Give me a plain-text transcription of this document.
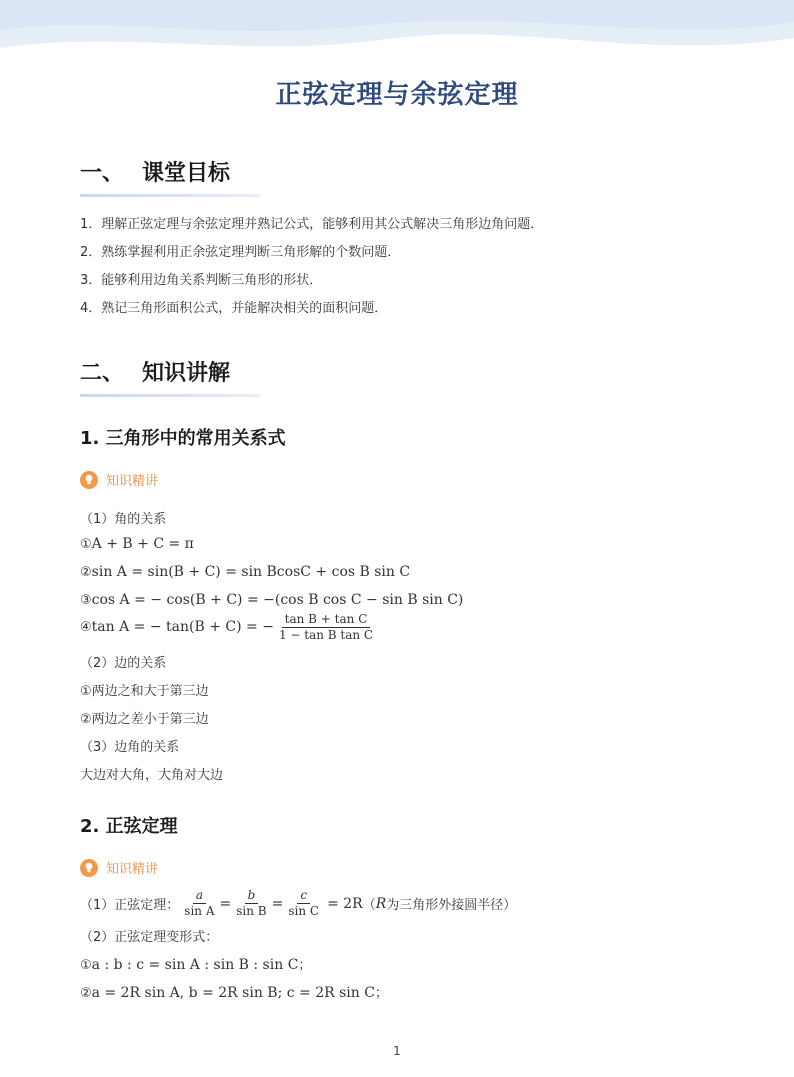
正弦定理与余弦定理
一、 课堂目标
1．理解正弦定理与余弦定理并熟记公式，能够利用其公式解决三角形边角问题．
2．熟练掌握利用正余弦定理判断三角形解的个数问题．
3．能够利用边角关系判断三角形的形状．
4．熟记三角形面积公式，并能解决相关的面积问题．
二、 知识讲解
1. 三角形中的常用关系式
知识精讲
（1）角的关系
①A + B + C = π
②sin A = sin(B + C) = sin BcosC + cos B sin C
③cos A = − cos(B + C) = −(cos B cos C − sin B sin C)
④tan A = − tan(B + C) = − $\frac{\text{tan B + tan C}}{\text{1 − tan B tan C}}$
（2）边的关系
①两边之和大于第三边
②两边之差小于第三边
（3）边角的关系
大边对大角，大角对大边
2. 正弦定理
知识精讲
（1）正弦定理： $\frac{a}{\text{sin A}} = \frac{b}{\text{sin B}} = \frac{c}{\text{sin C}} = 2R$ （ R 为三角形外接圆半径）
（2）正弦定理变形式：
①a : b : c = sin A : sin B : sin C；
②a = 2R sin A, b = 2R sin B; c = 2R sin C；
1
